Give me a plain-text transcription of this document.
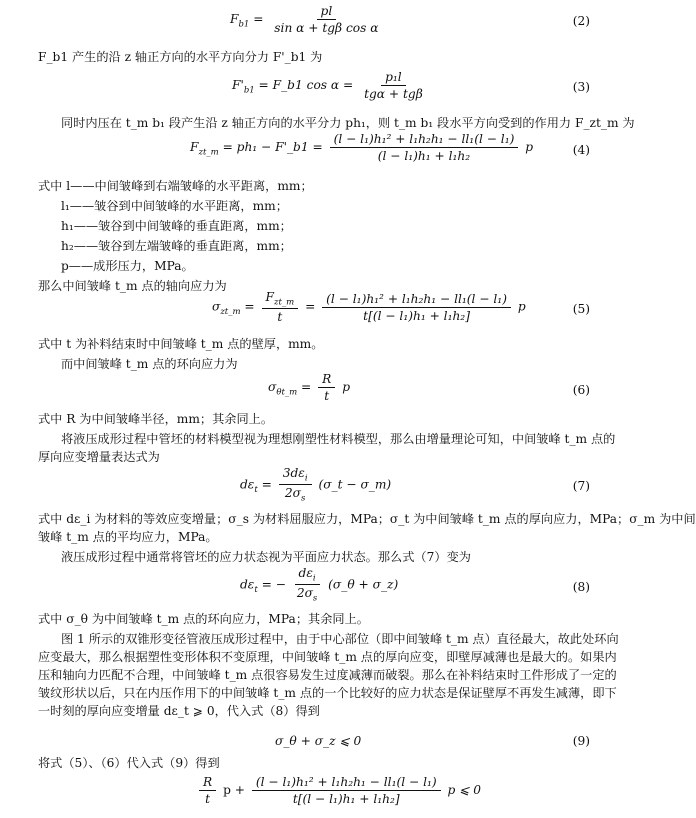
$F_{b1} = \frac{pl}{\text{sin α + tgβ cos α}}$	(2)
F_b1 产生的沿 z 轴正方向的水平方向分力 F'_b1 为
$F'_{b1}$ = F_b1 $\cos \alpha = \frac{\text{p₁l}}{\text{tgα + tgβ}}$	(3)
同时内压在 t_m b₁ 段产生沿 z 轴正方向的水平分力 ph₁，则 t_m b₁ 段水平方向受到的作用力 F_zt_m 为
$F_{zt\_m} = ph_1$ − F'_b1 = $\frac{\text{(l − l₁)h₁² + l₁h₂h₁ − ll₁(l − l₁)}}{\text{(l − l₁)h₁ + l₁h₂}}$ p	(4)
式中 l——中间皱峰到右端皱峰的水平距离，mm；
l₁——皱谷到中间皱峰的水平距离，mm；
h₁——皱谷到中间皱峰的垂直距离，mm；
h₂——皱谷到左端皱峰的垂直距离，mm；
p——成形压力，MPa。
那么中间皱峰 t_m 点的轴向应力为
$\sigma_{zt\_m} = \frac{F_{zt\_m}}{t} = \frac{\text{(l − l₁)h₁² + l₁h₂h₁ − ll₁(l − l₁)}}{\text{t[(l − l₁)h₁ + l₁h₂]}}$ p	(5)
式中 t 为补料结束时中间皱峰 t_m 点的壁厚，mm。
而中间皱峰 t_m 点的环向应力为
$\sigma_{\theta t\_m} = \frac{R}{t}$ p	(6)
式中 R 为中间皱峰半径，mm；其余同上。
将液压成形过程中管坯的材料模型视为理想刚塑性材料模型，那么由增量理论可知，中间皱峰 t_m 点的
厚向应变增量表达式为
$d\varepsilon_t = \frac{3d\varepsilon_i}{2\sigma_s}$ (σ_t − σ_m)	(7)
式中 dε_i 为材料的等效应变增量；σ_s 为材料屈服应力，MPa；σ_t 为中间皱峰 t_m 点的厚向应力，MPa；σ_m 为中间
皱峰 t_m 点的平均应力，MPa。
液压成形过程中通常将管坯的应力状态视为平面应力状态。那么式（7）变为
$d\varepsilon_t$ = − $\frac{d\varepsilon_i}{2\sigma_s}$ (σ_θ + σ_z)	(8)
式中 σ_θ 为中间皱峰 t_m 点的环向应力，MPa；其余同上。
图 1 所示的双锥形变径管液压成形过程中，由于中心部位（即中间皱峰 t_m 点）直径最大，故此处环向
应变最大，那么根据塑性变形体积不变原理，中间皱峰 t_m 点的厚向应变，即壁厚减薄也是最大的。如果内
压和轴向力匹配不合理，中间皱峰 t_m 点很容易发生过度减薄而破裂。那么在补料结束时工件形成了一定的
皱纹形状以后，只在内压作用下的中间皱峰 t_m 点的一个比较好的应力状态是保证壁厚不再发生减薄，即下
一时刻的厚向应变增量 dε_t ⩾ 0，代入式（8）得到
σ_θ + σ_z ⩽ 0	(9)
将式（5）、（6）代入式（9）得到
$\frac{R}{t}$ $p + \frac{\text{(l − l₁)h₁² + l₁h₂h₁ − ll₁(l − l₁)}}{\text{t[(l − l₁)h₁ + l₁h₂]}}$ p ⩽ 0
